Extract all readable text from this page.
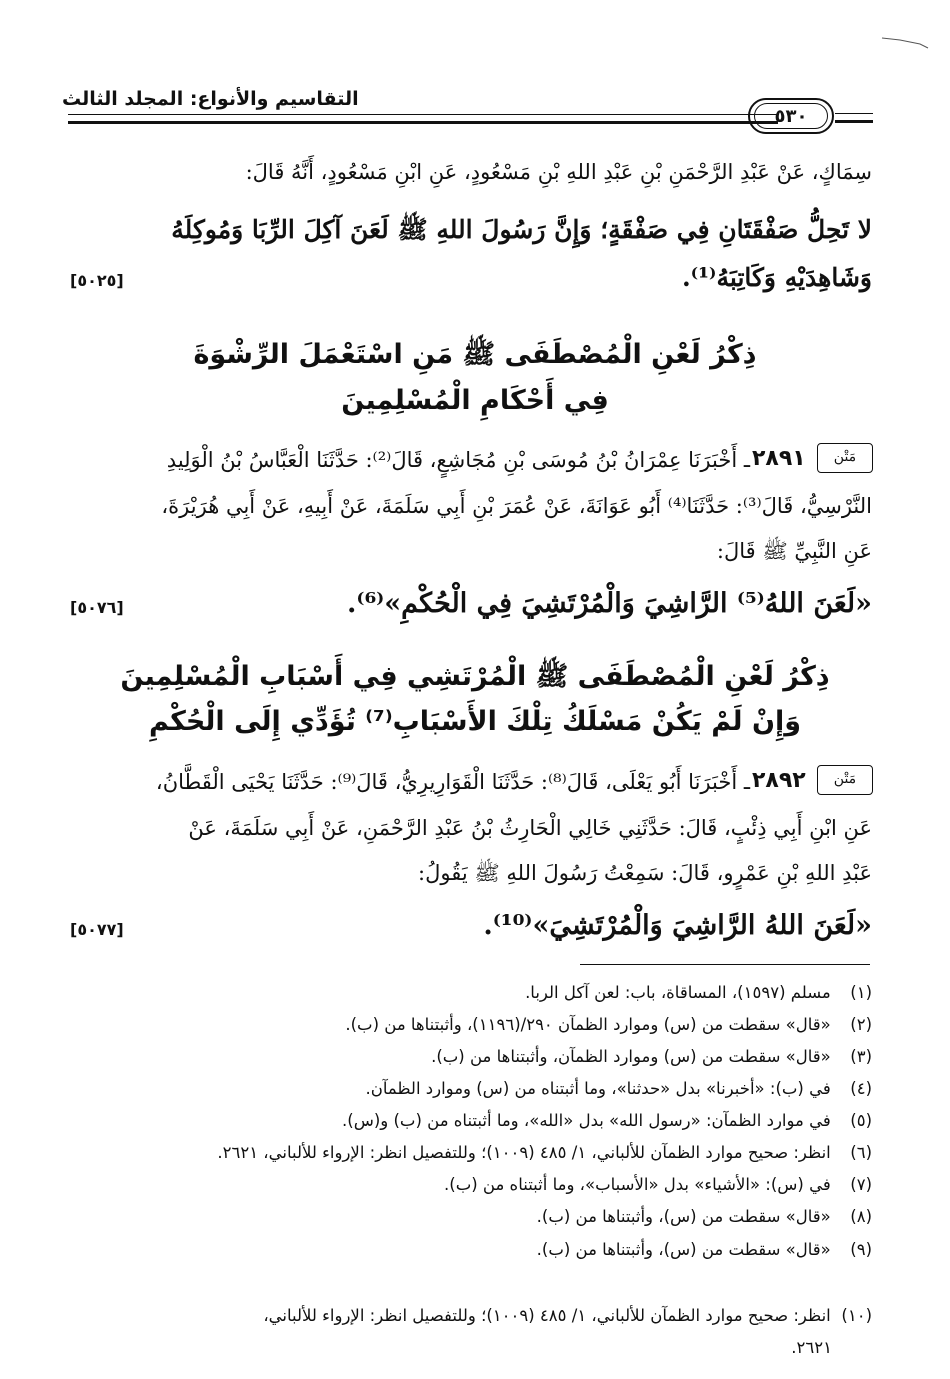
التقاسيم والأنواع: المجلد الثالث
٥٣٠
سِمَاكٍ، عَنْ عَبْدِ الرَّحْمَنِ بْنِ عَبْدِ اللهِ بْنِ مَسْعُودٍ، عَنِ ابْنِ مَسْعُودٍ، أَنَّهُ قَالَ:
لا تَحِلُّ صَفْقَتَانِ فِي صَفْقَةٍ؛ وَإِنَّ رَسُولَ اللهِ ﷺ لَعَنَ آكِلَ الرِّبَا وَمُوكِلَهُ
وَشَاهِدَيْهِ وَكَاتِبَهُ⁽¹⁾.
[٥٠٢٥]
ذِكْرُ لَعْنِ الْمُصْطَفَى ﷺ مَنِ اسْتَعْمَلَ الرِّشْوَةَ
فِي أَحْكَامِ الْمُسْلِمِينَ
مَتْن
٢٨٩١
ـ أَخْبَرَنَا عِمْرَانُ بْنُ مُوسَى بْنِ مُجَاشِعٍ، قَالَ⁽²⁾: حَدَّثَنَا الْعَبَّاسُ بْنُ الْوَلِيدِ
النَّرْسِيُّ، قَالَ⁽³⁾: حَدَّثَنَا⁽⁴⁾ أَبُو عَوَانَةَ، عَنْ عُمَرَ بْنِ أَبِي سَلَمَةَ، عَنْ أَبِيهِ، عَنْ أَبِي هُرَيْرَةَ،
عَنِ النَّبِيِّ ﷺ قَالَ:
«لَعَنَ اللهُ⁽⁵⁾ الرَّاشِيَ وَالْمُرْتَشِيَ فِي الْحُكْمِ»⁽⁶⁾.
[٥٠٧٦]
ذِكْرُ لَعْنِ الْمُصْطَفَى ﷺ الْمُرْتَشِي فِي أَسْبَابِ الْمُسْلِمِينَ
وَإِنْ لَمْ يَكُنْ مَسْلَكُ تِلْكَ الأَسْبَابِ⁽⁷⁾ تُؤَدِّي إِلَى الْحُكْمِ
مَتْن
٢٨٩٢
ـ أَخْبَرَنَا أَبُو يَعْلَى، قَالَ⁽⁸⁾: حَدَّثَنَا الْقَوَارِيرِيُّ، قَالَ⁽⁹⁾: حَدَّثَنَا يَحْيَى الْقَطَّانُ،
عَنِ ابْنِ أَبِي ذِئْبٍ، قَالَ: حَدَّثَنِي خَالِي الْحَارِثُ بْنُ عَبْدِ الرَّحْمَنِ، عَنْ أَبِي سَلَمَةَ، عَنْ
عَبْدِ اللهِ بْنِ عَمْرٍو، قَالَ: سَمِعْتُ رَسُولَ اللهِ ﷺ يَقُولُ:
«لَعَنَ اللهُ الرَّاشِيَ وَالْمُرْتَشِيَ»⁽¹⁰⁾.
[٥٠٧٧]
(١) مسلم (١٥٩٧)، المساقاة، باب: لعن آكل الربا.
(٢) «قال» سقطت من (س) وموارد الظمآن ٢٩٠/(١١٩٦)، وأثبتناها من (ب).
(٣) «قال» سقطت من (س) وموارد الظمآن، وأثبتناها من (ب).
(٤) في (ب): «أخبرنا» بدل «حدثنا»، وما أثبتناه من (س) وموارد الظمآن.
(٥) في موارد الظمآن: «رسول الله» بدل «الله»، وما أثبتناه من (ب) و(س).
(٦) انظر: صحيح موارد الظمآن للألباني، ١/ ٤٨٥ (١٠٠٩)؛ وللتفصيل انظر: الإرواء للألباني، ٢٦٢١.
(٧) في (س): «الأشياء» بدل «الأسباب»، وما أثبتناه من (ب).
(٨) «قال» سقطت من (س)، وأثبتناها من (ب).
(٩) «قال» سقطت من (س)، وأثبتناها من (ب).
(١٠) انظر: صحيح موارد الظمآن للألباني، ١/ ٤٨٥ (١٠٠٩)؛ وللتفصيل انظر: الإرواء للألباني،
٢٦٢١.
